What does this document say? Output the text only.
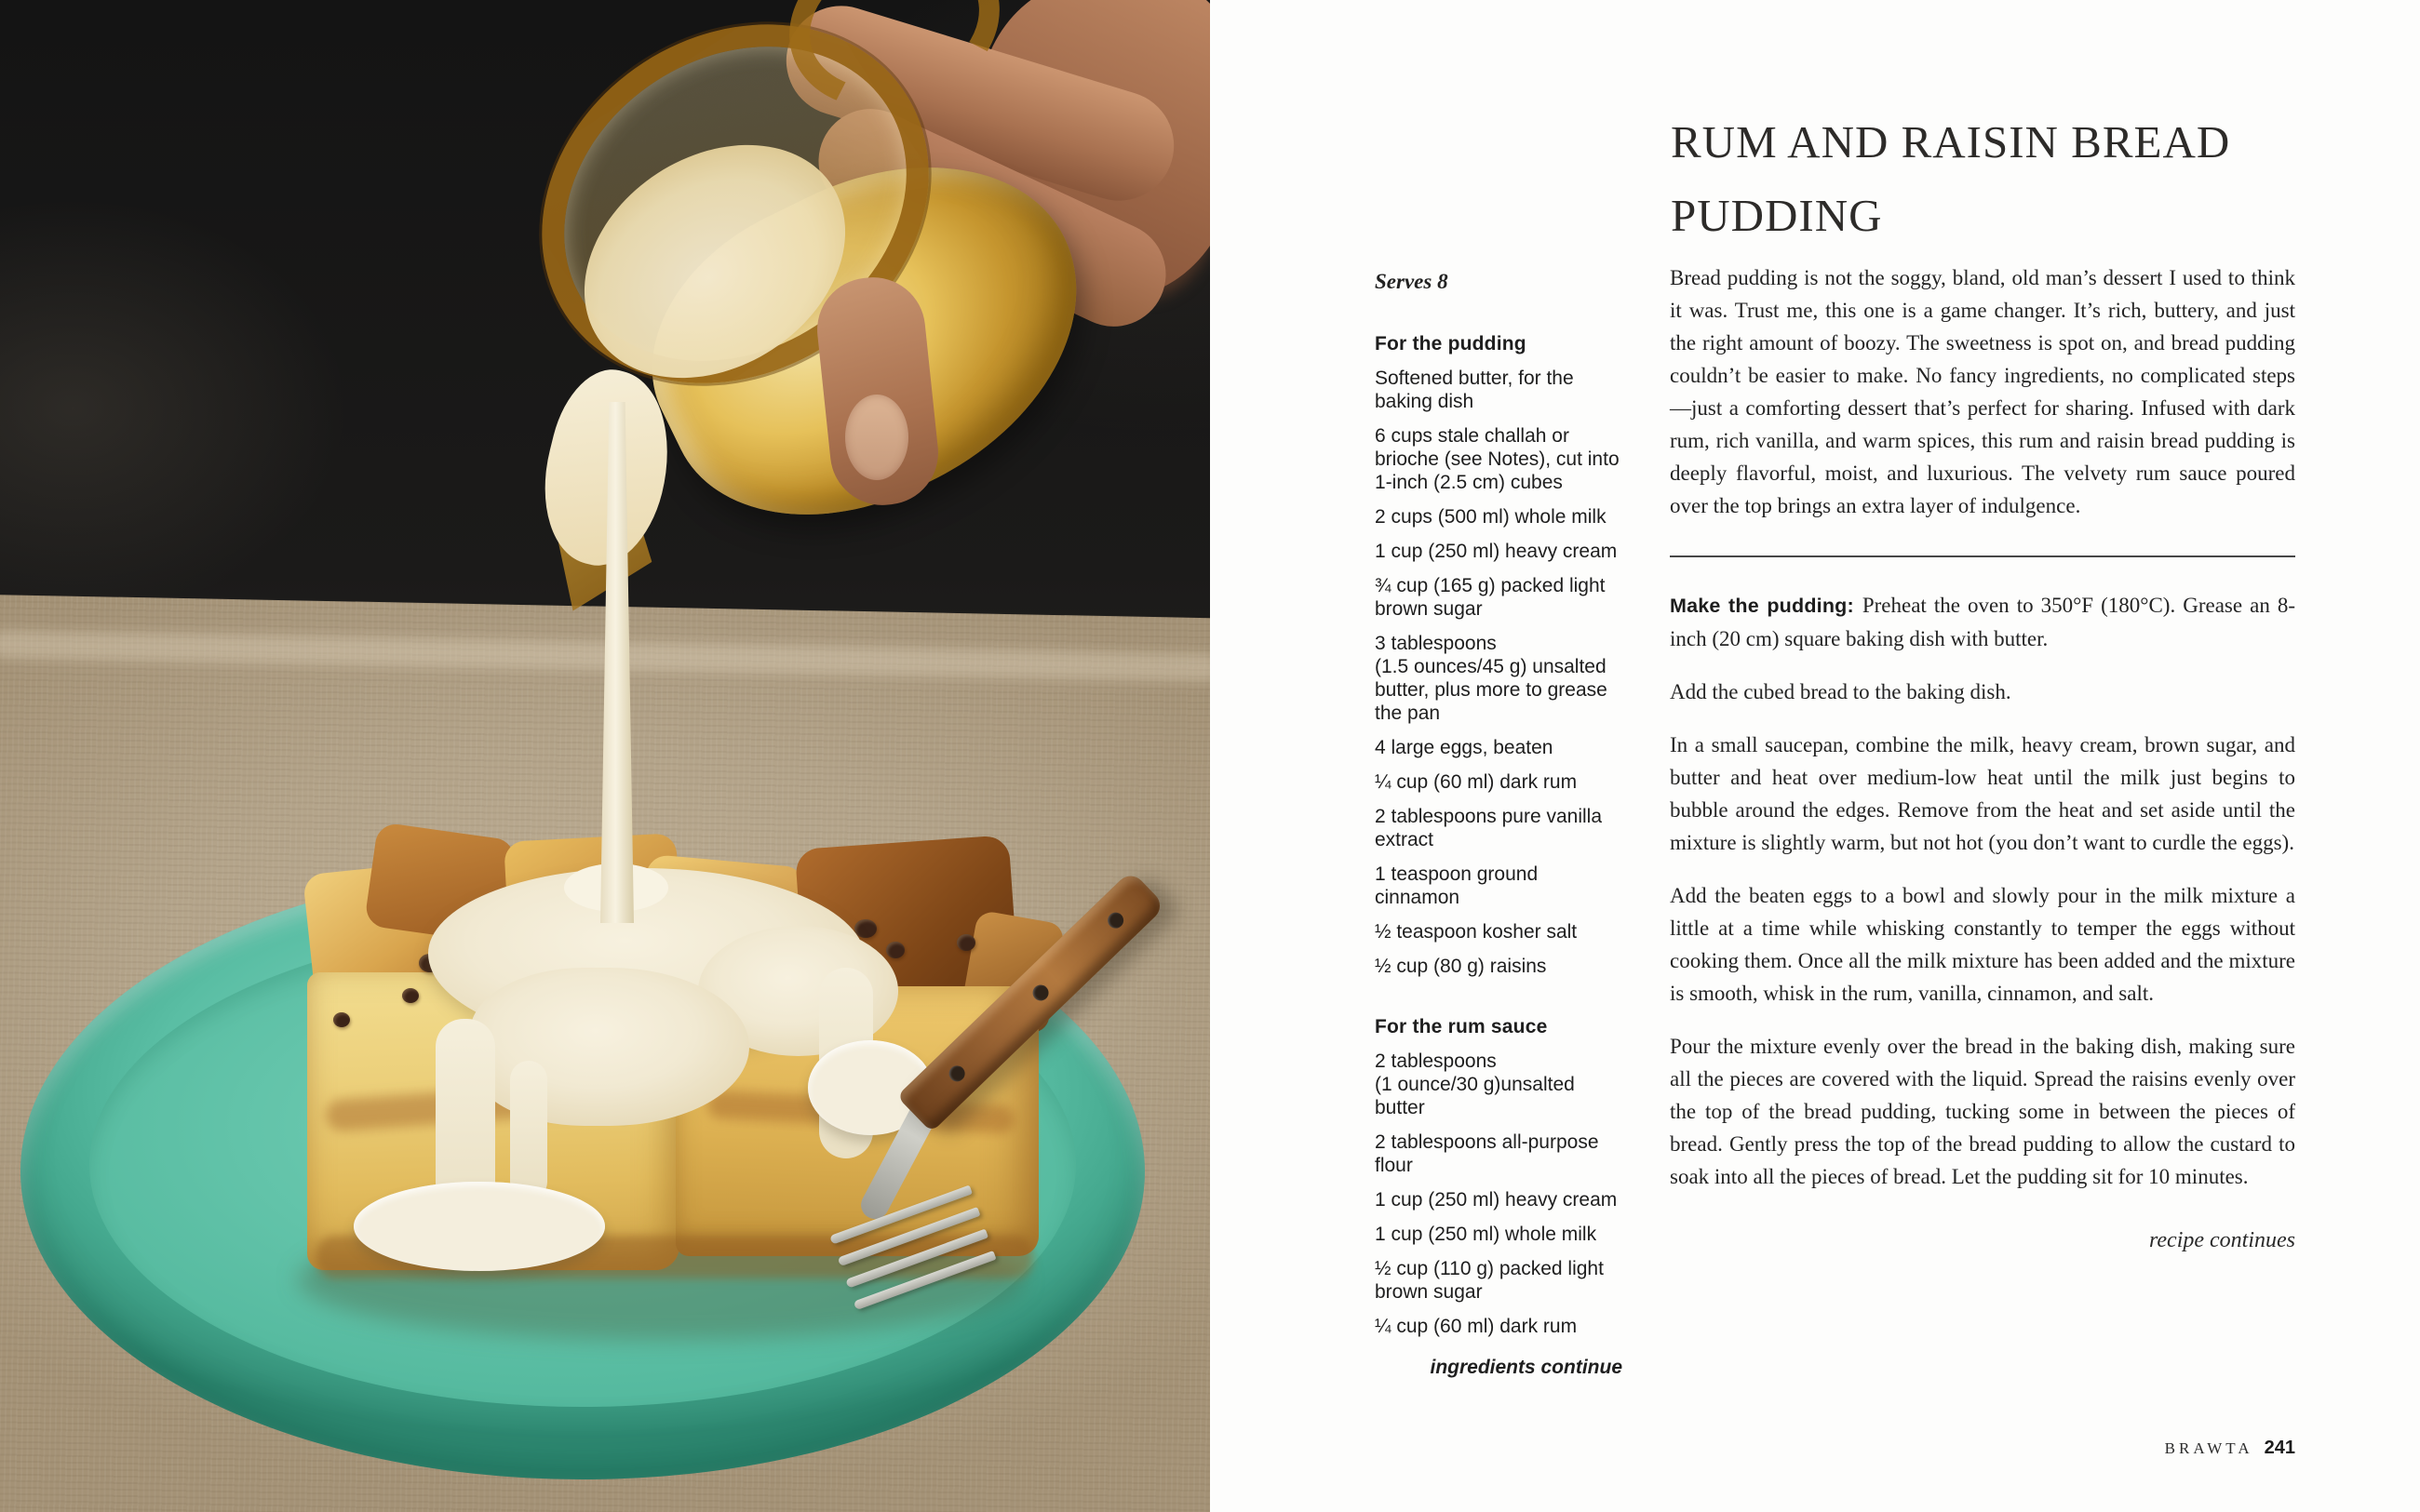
RUM AND RAISIN BREAD PUDDING
Serves 8

For the pudding

Softened butter, for the baking dish

6 cups stale challah or brioche (see Notes), cut into 1-inch (2.5 cm) cubes

2 cups (500 ml) whole milk

1 cup (250 ml) heavy cream

¾ cup (165 g) packed light brown sugar

3 tablespoons (1.5 ounces/45 g) unsalted butter, plus more to grease the pan

4 large eggs, beaten

¼ cup (60 ml) dark rum

2 tablespoons pure vanilla extract

1 teaspoon ground cinnamon

½ teaspoon kosher salt

½ cup (80 g) raisins

For the rum sauce

2 tablespoons (1 ounce/30 g)unsalted butter

2 tablespoons all-purpose flour

1 cup (250 ml) heavy cream

1 cup (250 ml) whole milk

½ cup (110 g) packed light brown sugar

¼ cup (60 ml) dark rum

ingredients continue

Bread pudding is not the soggy, bland, old man’s dessert I used to think it was. Trust me, this one is a game changer. It’s rich, buttery, and just the right amount of boozy. The sweetness is spot on, and bread pudding couldn’t be easier to make. No fancy ingredients, no complicated steps—just a comforting dessert that’s perfect for sharing. Infused with dark rum, rich vanilla, and warm spices, this rum and raisin bread pudding is deeply flavorful, moist, and luxurious. The velvety rum sauce poured over the top brings an extra layer of indulgence.

Make the pudding: Preheat the oven to 350°F (180°C). Grease an 8-inch (20 cm) square baking dish with butter.

Add the cubed bread to the baking dish.

In a small saucepan, combine the milk, heavy cream, brown sugar, and butter and heat over medium-low heat until the milk just begins to bubble around the edges. Remove from the heat and set aside until the mixture is slightly warm, but not hot (you don’t want to curdle the eggs).

Add the beaten eggs to a bowl and slowly pour in the milk mixture a little at a time while whisking constantly to temper the eggs without cooking them. Once all the milk mixture has been added and the mixture is smooth, whisk in the rum, vanilla, cinnamon, and salt.

Pour the mixture evenly over the bread in the baking dish, making sure all the pieces are covered with the liquid. Spread the raisins evenly over the top of the bread pudding, tucking some in between the pieces of bread. Gently press the top of the bread pudding to allow the custard to soak into all the pieces of bread. Let the pudding sit for 10 minutes.

recipe continues
BRAWTA 241
